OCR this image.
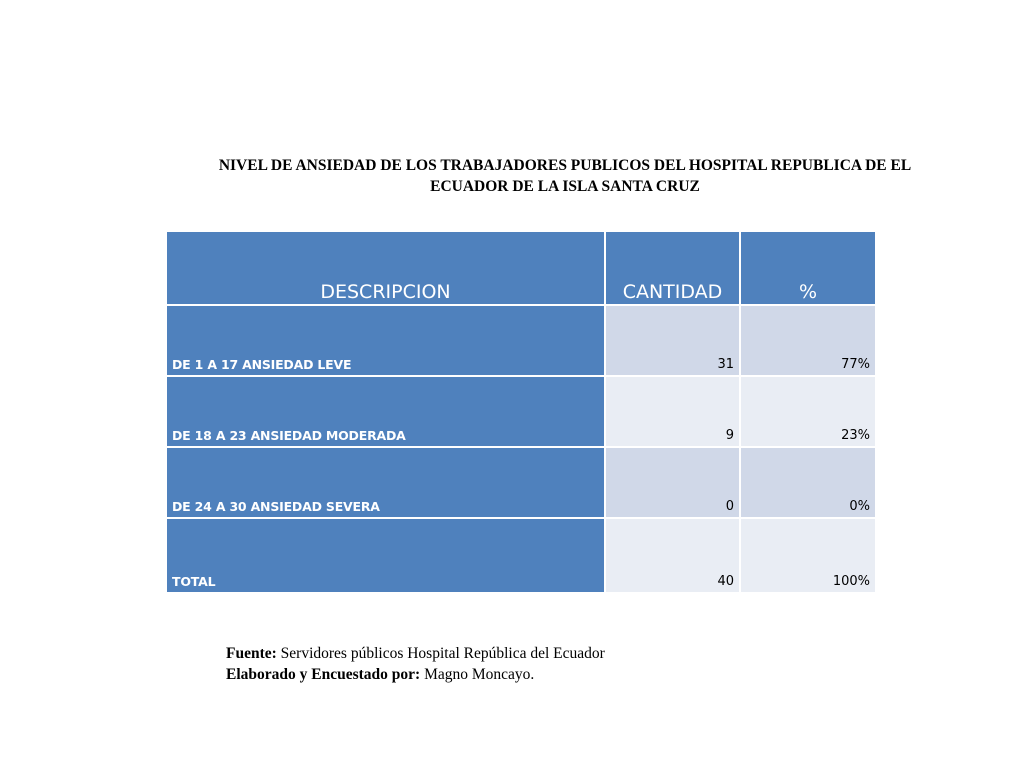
NIVEL DE ANSIEDAD DE LOS TRABAJADORES PUBLICOS DEL HOSPITAL REPUBLICA DE EL
ECUADOR DE LA ISLA SANTA CRUZ
DESCRIPCION	CANTIDAD	%
DE 1 A 17 ANSIEDAD LEVE	31	77%
DE 18 A 23 ANSIEDAD MODERADA	9	23%
DE 24 A 30 ANSIEDAD SEVERA	0	0%
TOTAL	40	100%
Fuente: Servidores públicos Hospital República del Ecuador
Elaborado y Encuestado por: Magno Moncayo.
